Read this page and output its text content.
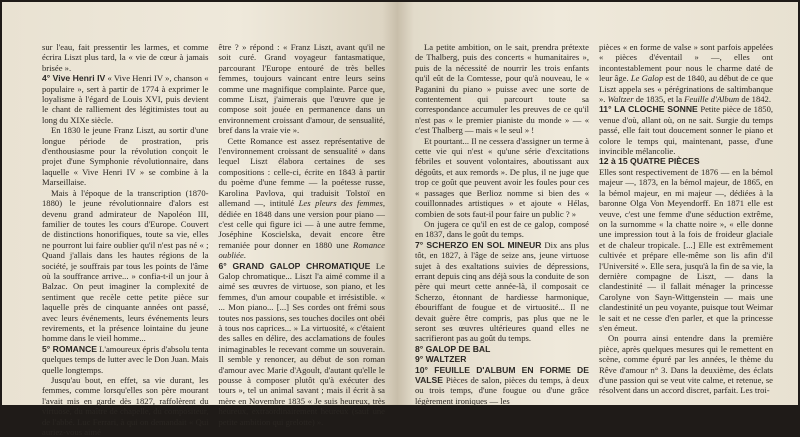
sur l'eau, fait pressentir les larmes, et comme écrira Liszt plus tard, la « vie de cœur à jamais brisée ».

4° Vive Henri IV « Vive Henri IV », chanson « populaire », sert à partir de 1774 à exprimer le loyalisme à l'égard de Louis XVI, puis devient le chant de ralliement des légitimistes tout au long du XIXe siècle.

En 1830 le jeune Franz Liszt, au sortir d'une longue période de prostration, pris d'enthousiasme pour la révolution conçoit le projet d'une Symphonie révolutionnaire, dans laquelle « Vive Henri IV » se combine à la Marseillaise.

Mais à l'époque de la transcription (1870-1880) le jeune révolutionnaire d'alors est devenu grand admirateur de Napoléon III, familier de toutes les cours d'Europe. Couvert de distinctions honorifiques, toute sa vie, elles ne pourront lui faire oublier qu'il n'est pas né « ; Quand j'allais dans les hautes régions de la société, je souffrais par tous les points de l'âme où la souffrance arrive... » confia-t-il un jour à Balzac. On peut imaginer la complexité de sentiment que recèle cette petite pièce sur laquelle près de cinquante années ont passé, avec leurs événements, leurs événements leurs revirements, et la présence lointaine du jeune homme dans le vieil homme...

5° ROMANCE L'amoureux épris d'absolu tenta quelques temps de lutter avec le Don Juan. Mais quelle longtemps.

Jusqu'au bout, en effet, sa vie durant, les femmes, comme lorsqu'elles son père mourant l'avait mis en garde dès 1827, raffolèrent du virtuose, du maître de chapelle, du compositeur, de l'abbé. Luc Ferrari, à qui on demandait « Qui auriez-vous aimé

être ? » répond : « Franz Liszt, avant qu'il ne soit curé. Grand voyageur fantasmatique, parcourant l'Europe entouré de très belles femmes, toujours vaincant entre leurs seins comme une magnifique complainte. Parce que, comme Liszt, j'aimerais que l'œuvre que je compose soit jouée en permanence dans un environnement croissant d'amour, de sensualité, bref dans la vraie vie ».

Cette Romance est assez représentative de l'environnement croissant de sensualité » dans lequel Liszt élabora certaines de ses compositions : celle-ci, écrite en 1843 à partir du poème d'une femme — la poétesse russe, Karolina Pavlova, qui traduisit Tolstoï en allemand —, intitulé Les pleurs des femmes, dédiée en 1848 dans une version pour piano — c'est celle qui figure ici — à une autre femme, Joséphine Koscielska, devait encore être remaniée pour donner en 1880 une Romance oubliée.

6° GRAND GALOP CHROMATIQUE Le Galop chromatique... Liszt l'a aimé comme il a aimé ses œuvres de virtuose, son piano, et les femmes, d'un amour coupable et irrésistible. « ... Mon piano... [...] Ses cordes ont frémi sous toutes nos passions, ses touches dociles ont obéi à tous nos caprices... » La virtuosité, « c'étaient des salles en délire, des acclamations de foules inimaginables le recevant comme un souverain. Il semble y renoncer, au début de son roman d'amour avec Marie d'Agoult, d'autant qu'elle le pousse à composer plutôt qu'à exécuter des tours », tel un animal savant ; mais il écrit à sa mère en Novembre 1835 « Je suis heureux, très heureux, extraordinairement heureux (sauf une petite ambition qui grelotte) ».

La petite ambition, on le sait, prendra prétexte de Thalberg, puis des concerts « humanitaires », puis de la nécessité de nourrir les trois enfants qu'il eût de la Comtesse, pour qu'à nouveau, le « Paganini du piano » puisse avec une sorte de contentement qui parcourt toute sa correspondance accumuler les preuves de ce qu'il n'est pas « le premier pianiste du monde » — « c'est Thalberg — mais « le seul » !

Et pourtant... Il ne cessera d'assigner un terme à cette vie qui n'est « qu'une série d'excitations fébriles et souvent volontaires, aboutissant aux dégoûts, et aux remords ». De plus, il ne juge que trop ce goût que peuvent avoir les foules pour ces « passages que Berlioz nomme si bien des « couillonnades artistiques » et ajoute « Hélas, combien de sots faut-il pour faire un public ? »

On jugera ce qu'il en est de ce galop, composé en 1837, dans le goût du temps.

7° SCHERZO EN SOL MINEUR Dix ans plus tôt, en 1827, à l'âge de seize ans, jeune virtuose sujet à des exaltations suivies de dépressions, errant depuis cinq ans déjà sous la conduite de son père qui meurt cette année-là, il composait ce Scherzo, étonnant de hardiesse harmonique, ébouriffant de fougue et de virtuosité... Il ne devait guère être compris, pas plus que ne le seront ses œuvres ultérieures quand elles ne sacrifieront pas au goût du temps.

8° GALOP DE BAL
9° WALTZER

10° FEUILLE D'ALBUM EN FORME DE VALSE Pièces de salon, pièces du temps, à deux ou trois temps, d'une fougue ou d'une grâce légèrement ironiques — les

pièces « en forme de valse » sont parfois appelées « pièces d'éventail » —, elles ont incontestablement pour nous le charme daté de leur âge. Le Galop est de 1840, au début de ce que Liszt appela ses « pérégrinations de saltimbanque ». Waltzer de 1835, et la Feuille d'Album de 1842.

11° LA CLOCHE SONNE Petite pièce de 1850, venue d'où, allant où, on ne sait. Surgie du temps passé, elle fait tout doucement sonner le piano et colore le temps qui, maintenant, passe, d'une invincible mélancolie.

12 à 15 QUATRE PIÈCES

Elles sont respectivement de 1876 — en la bémol majeur —, 1873, en la bémol majeur, de 1865, en la bémol majeur, en mi majeur —, dédiées à la baronne Olga Von Meyendorff. En 1871 elle est veuve, c'est une femme d'une séduction extrême, on la surnomme « la chatte noire », « elle donne une impression tout à la fois de froideur glaciale et de chaleur tropicale. [...] Elle est extrêmement cultivée et prépare elle-même son lis afin d'il l'Université ». Elle sera, jusqu'à la fin de sa vie, la dernière compagne de Liszt, — dans la clandestinité — il fallait ménager la princesse Carolyne von Sayn-Wittgenstein — mais une clandestinité un peu voyante, puisque tout Weimar le sait et ne cesse d'en parler, et que la princesse s'en émeut.

On pourra ainsi entendre dans la première pièce, après quelques mesures qui le remettent en scène, comme épuré par les années, le thème du Rêve d'amour n° 3. Dans la deuxième, des éclats d'une passion qui se veut vite calme, et retenue, se résolvent dans un accord discret, parfait. Les troi-
